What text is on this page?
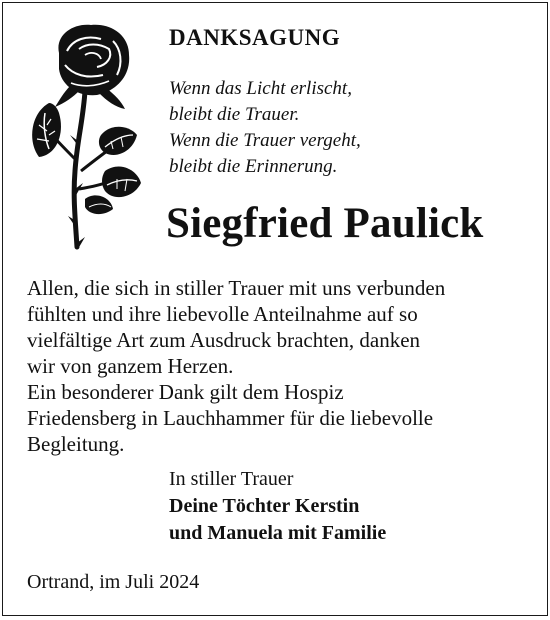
DANKSAGUNG
Wenn das Licht erlischt,
bleibt die Trauer.
Wenn die Trauer vergeht,
bleibt die Erinnerung.
Siegfried Paulick
Allen, die sich in stiller Trauer mit uns verbunden
fühlten und ihre liebevolle Anteilnahme auf so
vielfältige Art zum Ausdruck brachten, danken
wir von ganzem Herzen.
Ein besonderer Dank gilt dem Hospiz
Friedensberg in Lauchhammer für die liebevolle
Begleitung.
In stiller Trauer
Deine Töchter Kerstin
und Manuela mit Familie
Ortrand, im Juli 2024
